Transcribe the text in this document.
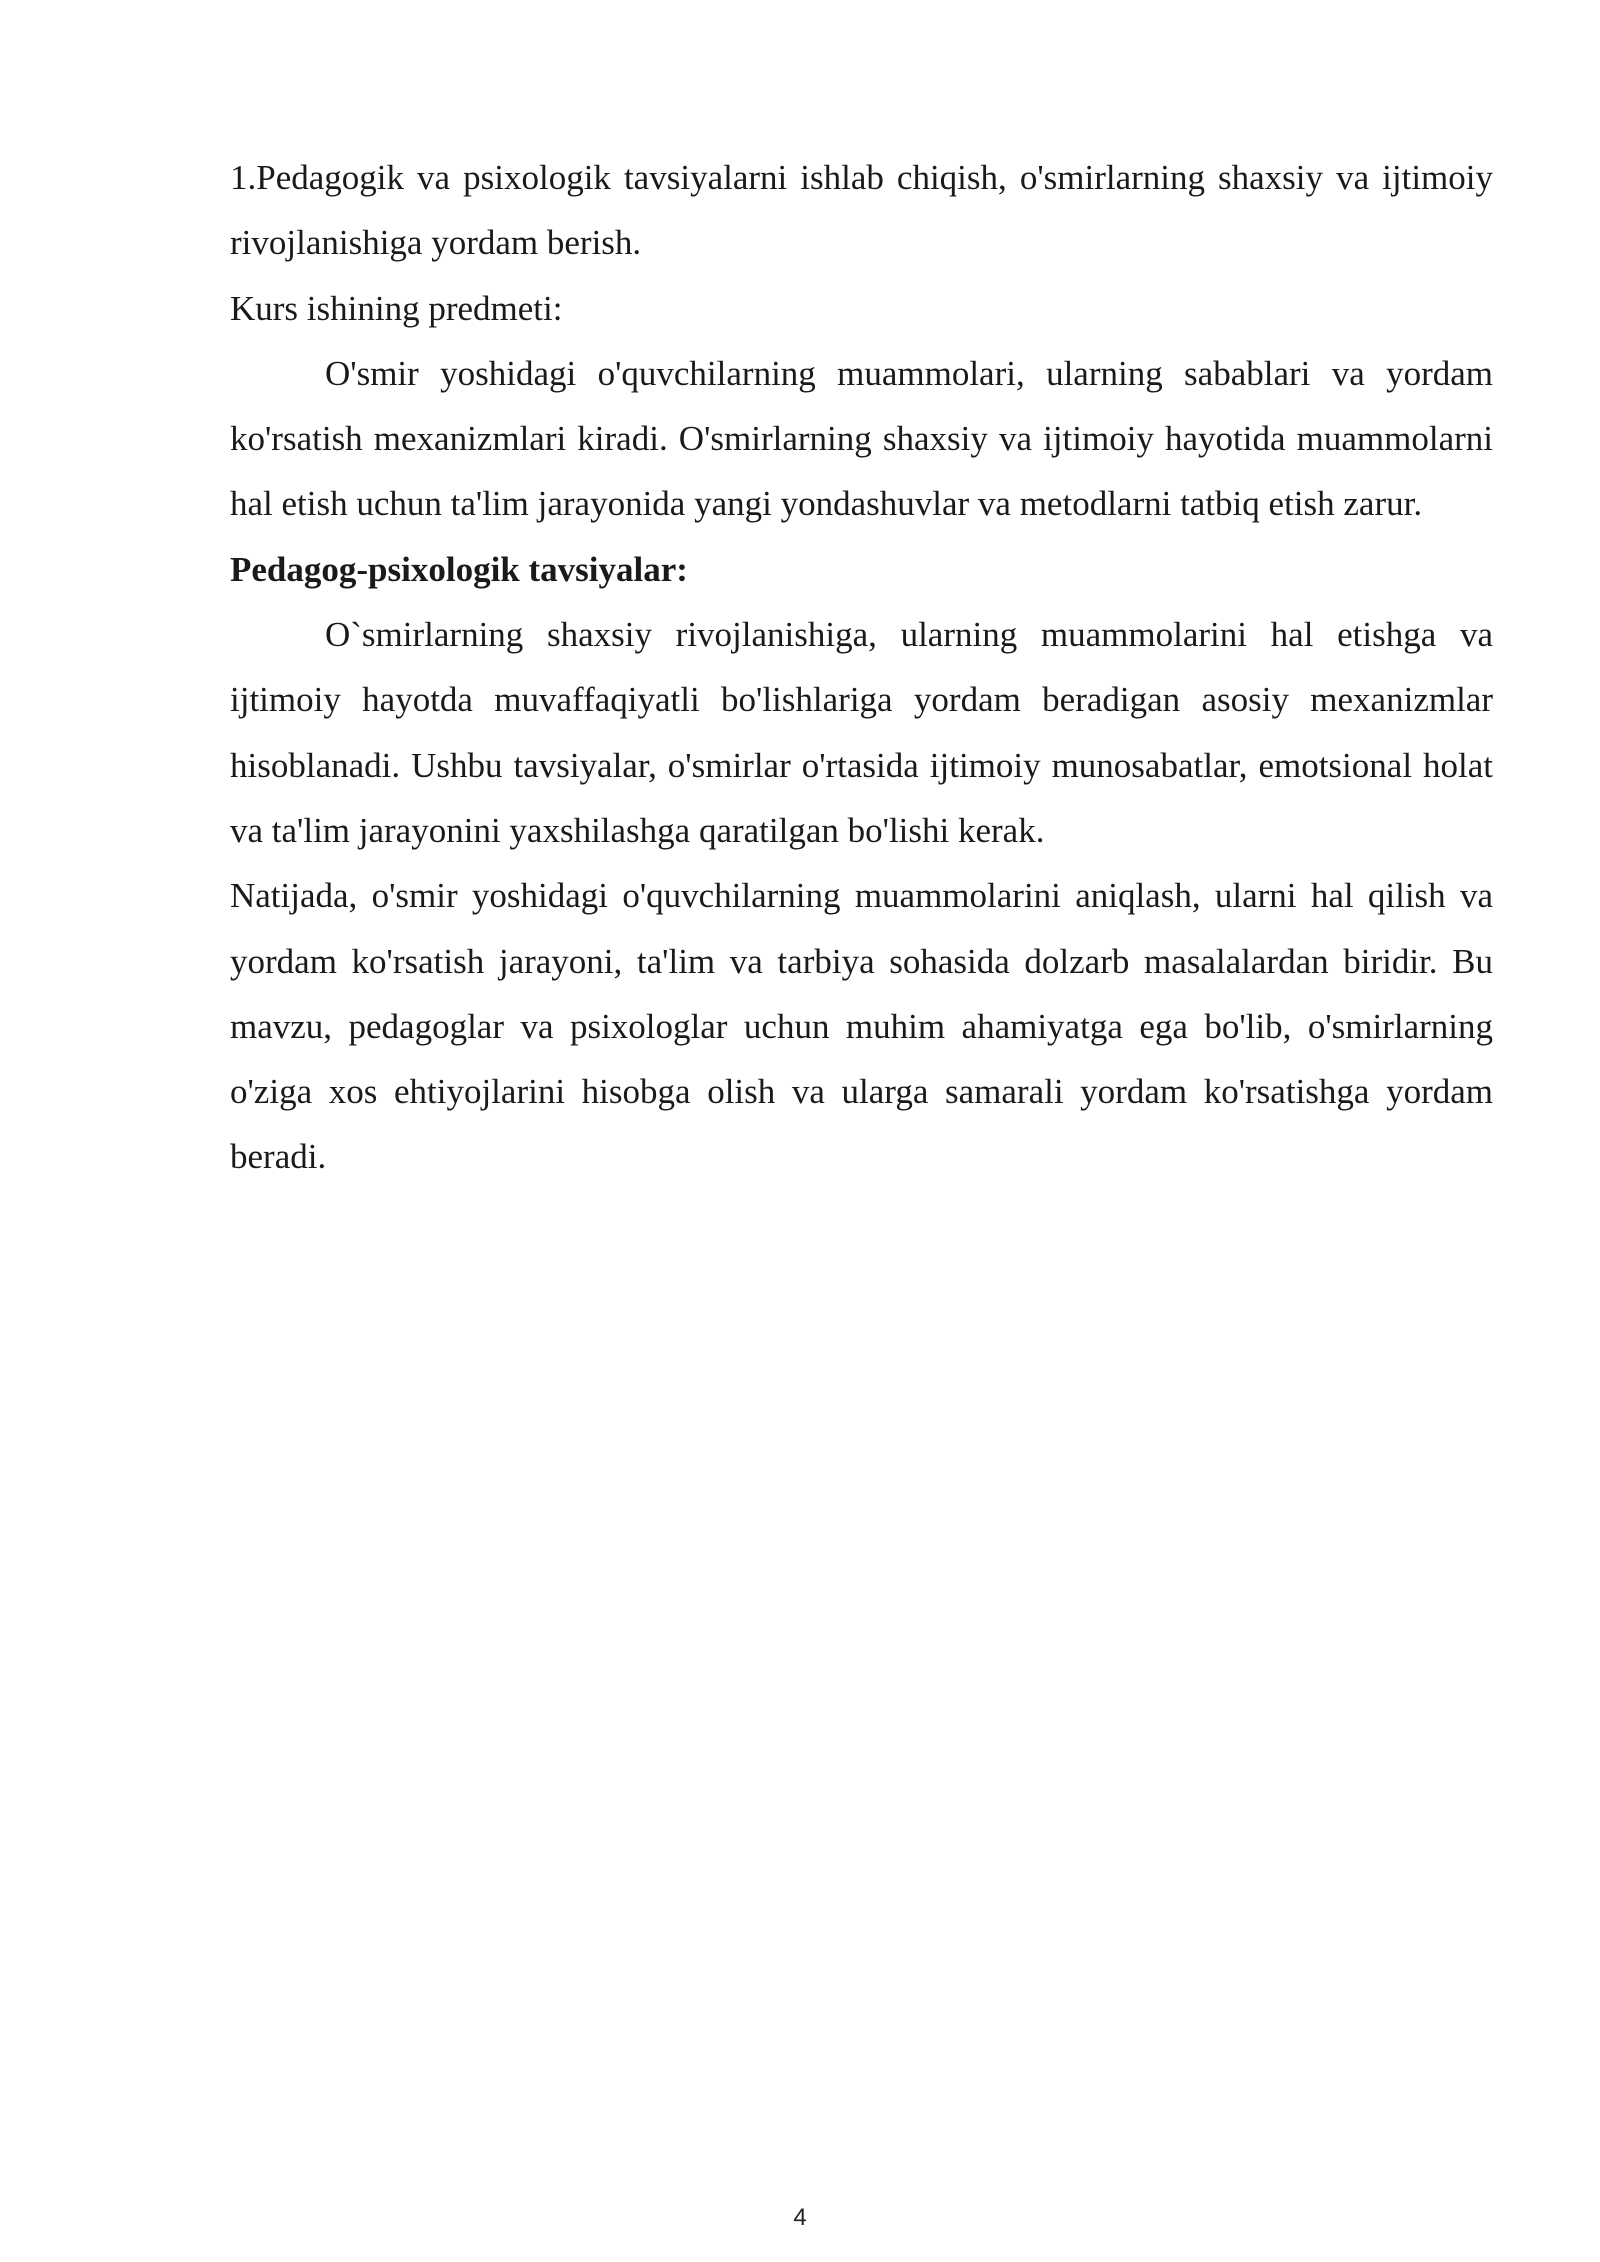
1.Pedagogik va psixologik tavsiyalarni ishlab chiqish, o'smirlarning shaxsiy va ijtimoiy rivojlanishiga yordam berish.

Kurs ishining predmeti:

O'smir yoshidagi o'quvchilarning muammolari, ularning sabablari va yordam ko'rsatish mexanizmlari kiradi. O'smirlarning shaxsiy va ijtimoiy hayotida muammolarni hal etish uchun ta'lim jarayonida yangi yondashuvlar va metodlarni tatbiq etish zarur.

Pedagog-psixologik tavsiyalar:

O`smirlarning shaxsiy rivojlanishiga, ularning muammolarini hal etishga va ijtimoiy hayotda muvaffaqiyatli bo'lishlariga yordam beradigan asosiy mexanizmlar hisoblanadi. Ushbu tavsiyalar, o'smirlar o'rtasida ijtimoiy munosabatlar, emotsional holat va ta'lim jarayonini yaxshilashga qaratilgan bo'lishi kerak.

Natijada, o'smir yoshidagi o'quvchilarning muammolarini aniqlash, ularni hal qilish va yordam ko'rsatish jarayoni, ta'lim va tarbiya sohasida dolzarb masalalardan biridir. Bu mavzu, pedagoglar va psixologlar uchun muhim ahamiyatga ega bo'lib, o'smirlarning o'ziga xos ehtiyojlarini hisobga olish va ularga samarali yordam ko'rsatishga yordam beradi.

4
